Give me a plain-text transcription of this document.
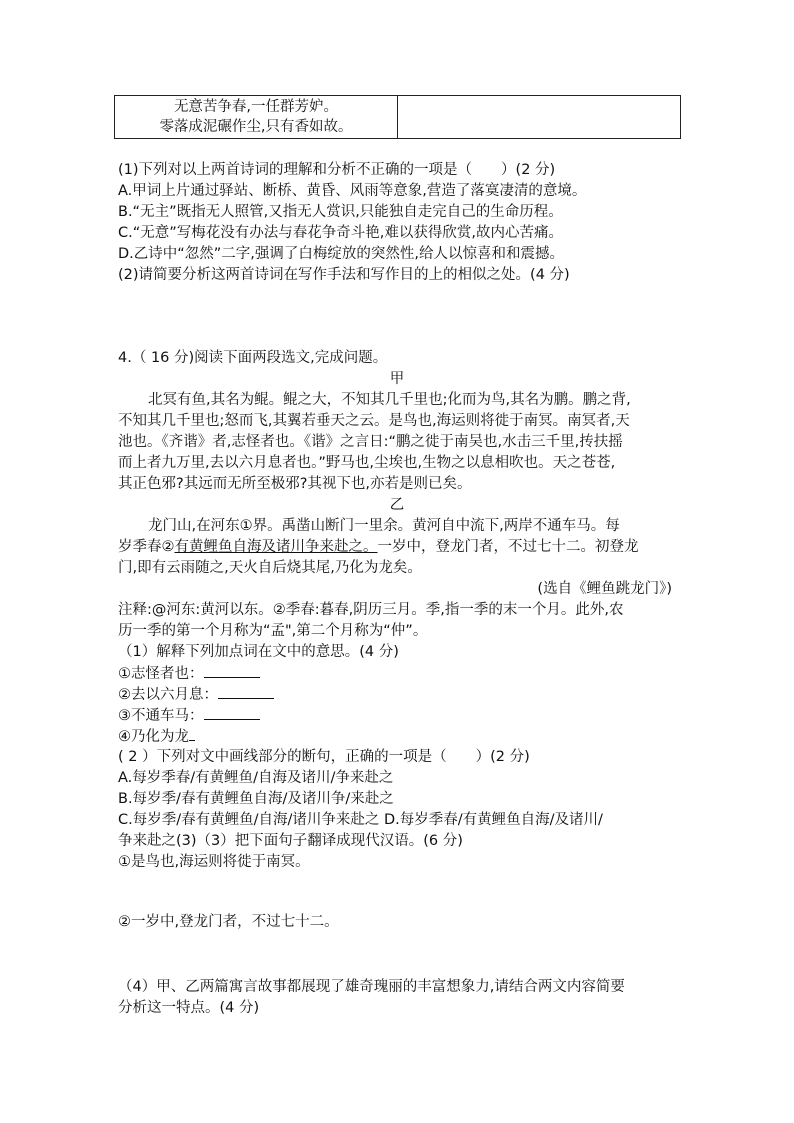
无意苦争春,一任群芳妒。
零落成泥碾作尘,只有香如故。

(1)下列对以上两首诗词的理解和分析不正确的一项是（　　）(2 分)
A.甲词上片通过驿站、断桥、黄昏、风雨等意象,营造了落寞凄清的意境。
B.“无主”既指无人照管,又指无人赏识,只能独自走完自己的生命历程。
C.“无意”写梅花没有办法与春花争奇斗艳,难以获得欣赏,故内心苦痛。
D.乙诗中“忽然”二字,强调了白梅绽放的突然性,给人以惊喜和和震撼。
(2)请简要分析这两首诗词在写作手法和写作目的上的相似之处。(4 分)
4.（ 16 分)阅读下面两段选文,完成问题。
甲
北冥有鱼,其名为鲲。鲲之大，不知其几千里也;化而为鸟,其名为鹏。鹏之背,
不知其几千里也;怒而飞,其翼若垂天之云。是鸟也,海运则将徙于南冥。南冥者,天
池也。《齐谐》者,志怪者也。《谐》之言日:“鹏之徙于南吴也,水击三千里,抟扶摇
而上者九万里,去以六月息者也。”野马也,尘埃也,生物之以息相吹也。天之苍苍,
其正色邪?其远而无所至极邪?其视下也,亦若是则已矣。
乙
龙门山,在河东①界。禹凿山断门一里余。黄河自中流下,两岸不通车马。每
岁季春②有黄鲤鱼自海及诸川争来赴之。一岁中，登龙门者，不过七十二。初登龙
门,即有云雨随之,天火自后烧其尾,乃化为龙矣。
(选自《鲤鱼跳龙门》)
注释:@河东:黄河以东。②季春:暮春,阴历三月。季,指一季的末一个月。此外,农
历一季的第一个月称为“孟",第二个月称为“仲”。
（1）解释下列加点词在文中的意思。(4 分)
①志怪者也：
②去以六月息：
③不通车马：
④乃化为龙
( 2 ）下列对文中画线部分的断句，正确的一项是（　　）(2 分)
A.每岁季春/有黄鲤鱼/自海及诸川/争来赴之
B.每岁季/春有黄鲤鱼自海/及诸川争/来赴之
C.每岁季/春有黄鲤鱼/自海/诸川争来赴之 D.每岁季春/有黄鲤鱼自海/及诸川/
争来赴之(3)（3）把下面句子翻译成现代汉语。(6 分)
①是鸟也,海运则将徙于南冥。
②一岁中,登龙门者，不过七十二。
（4）甲、乙两篇寓言故事都展现了雄奇瑰丽的丰富想象力,请结合两文内容简要
分析这一特点。(4 分)
